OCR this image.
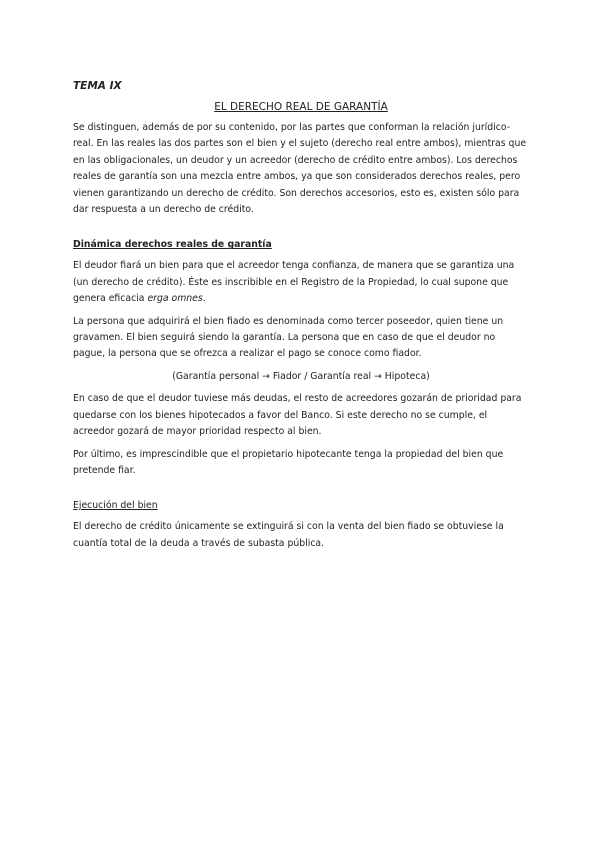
TEMA IX
EL DERECHO REAL DE GARANTÍA

Se distinguen, además de por su contenido, por las partes que conforman la relación jurídico-real. En las reales las dos partes son el bien y el sujeto (derecho real entre ambos), mientras que en las obligacionales, un deudor y un acreedor (derecho de crédito entre ambos). Los derechos reales de garantía son una mezcla entre ambos, ya que son considerados derechos reales, pero vienen garantizando un derecho de crédito. Son derechos accesorios, esto es, existen sólo para dar respuesta a un derecho de crédito.

Dinámica derechos reales de garantía

El deudor fiará un bien para que el acreedor tenga confianza, de manera que se garantiza una (un derecho de crédito). Éste es inscribible en el Registro de la Propiedad, lo cual supone que genera eficacia erga omnes.

La persona que adquirirá el bien fiado es denominada como tercer poseedor, quien tiene un gravamen. El bien seguirá siendo la garantía. La persona que en caso de que el deudor no pague, la persona que se ofrezca a realizar el pago se conoce como fiador.

(Garantía personal → Fiador / Garantía real → Hipoteca)

En caso de que el deudor tuviese más deudas, el resto de acreedores gozarán de prioridad para quedarse con los bienes hipotecados a favor del Banco. Si este derecho no se cumple, el acreedor gozará de mayor prioridad respecto al bien.

Por último, es imprescindible que el propietario hipotecante tenga la propiedad del bien que pretende fiar.

Ejecución del bien

El derecho de crédito únicamente se extinguirá si con la venta del bien fiado se obtuviese la cuantía total de la deuda a través de subasta pública.
